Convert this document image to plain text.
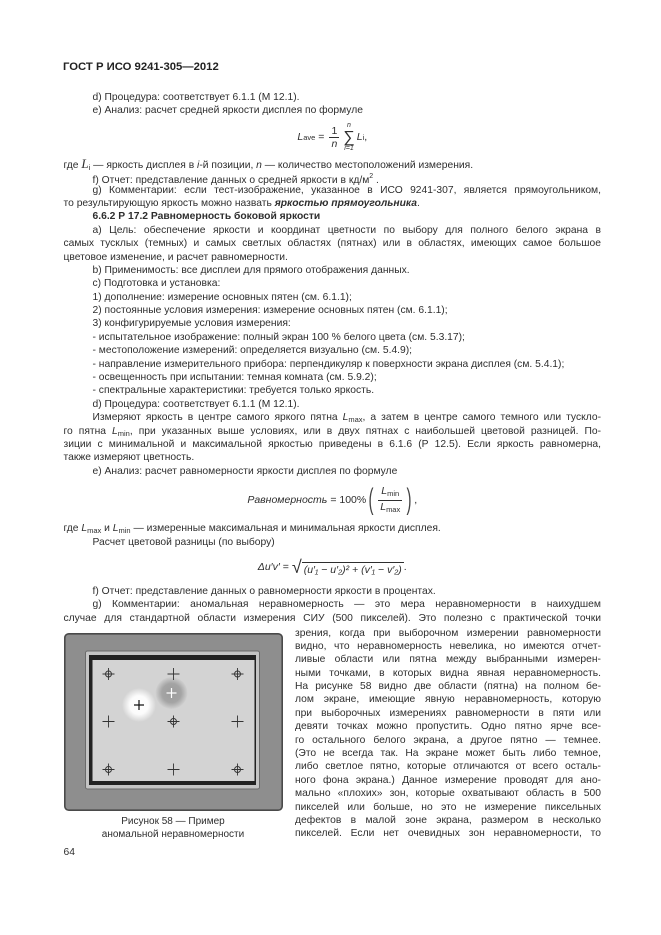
ГОСТ Р ИСО 9241-305—2012
d) Процедура: соответствует 6.1.1 (М 12.1).
e) Анализ: расчет средней яркости дисплея по формуле
L ave = $\frac{1}{n}$ n
∑
i=1
L i ,
где $L_i$ — яркость дисплея в i-й позиции, n — количество местоположений измерения.
f) Отчет: представление данных о средней яркости в $кд/м^2$ .
g) Комментарии: если тест-изображение, указанное в ИСО 9241-307, является прямоугольником,
то результирующую яркость можно назвать яркостью прямоугольника.
6.6.2 Р 17.2 Равномерность боковой яркости
a) Цель: обеспечение яркости и координат цветности по выбору для полного белого экрана в
самых тусклых (темных) и самых светлых областях (пятнах) или в областях, имеющих самое большое
цветовое изменение, и расчет равномерности.
b) Применимость: все дисплеи для прямого отображения данных.
c) Подготовка и установка:
1) дополнение: измерение основных пятен (см. 6.1.1);
2) постоянные условия измерения: измерение основных пятен (см. 6.1.1);
3) конфигурируемые условия измерения:
- испытательное изображение: полный экран 100 % белого цвета (см. 5.3.17);
- местоположение измерений: определяется визуально (см. 5.4.9);
- направление измерительного прибора: перпендикуляр к поверхности экрана дисплея (см. 5.4.1);
- освещенность при испытании: темная комната (см. 5.9.2);
- спектральные характеристики: требуется только яркость.
d) Процедура: соответствует 6.1.1 (М 12.1).
Измеряют яркость в центре самого яркого пятна $L_{max}$, а затем в центре самого темного или тускло-
го пятна $L_{min}$, при указанных выше условиях, или в двух пятнах с наибольшей цветовой разницей. По-
зиции с минимальной и максимальной яркостью приведены в 6.1.6 (Р 12.5). Если яркость равномерна,
также измеряют цветность.
e) Анализ: расчет равномерности яркости дисплея по формуле
Равномерность = 100% ( $\frac{L_{min}}{L_{max}}$ ) ,
где $L_{max}$ и $L_{min}$ — измеренные максимальная и минимальная яркости дисплея.
Расчет цветовой разницы (по выбору)
Δu′v′ = √ (u′₁ − u′₂)² + (v′₁ − v′₂) .
f) Отчет: представление данных о равномерности яркости в процентах.
g) Комментарии: аномальная неравномерность — это мера неравномерности в наихудшем
случае для стандартной области измерения СИУ (500 пикселей). Это полезно с практической точки
Рисунок 58 — Пример
аномальной неравномерности
зрения, когда при выборочном измерении равномерности
видно, что неравномерность невелика, но имеются отчет-
ливые области или пятна между выбранными измерен-
ными точками, в которых видна явная неравномерность.
На рисунке 58 видно две области (пятна) на полном бе-
лом экране, имеющие явную неравномерность, которую
при выборочных измерениях равномерности в пяти или
девяти точках можно пропустить. Одно пятно ярче все-
го остального белого экрана, а другое пятно — темнее.
(Это не всегда так. На экране может быть либо темное,
либо светлое пятно, которые отличаются от всего осталь-
ного фона экрана.) Данное измерение проводят для ано-
мально «плохих» зон, которые охватывают область в 500
пикселей или больше, но это не измерение пиксельных
дефектов в малой зоне экрана, размером в несколько
пикселей. Если нет очевидных зон неравномерности, то
64
